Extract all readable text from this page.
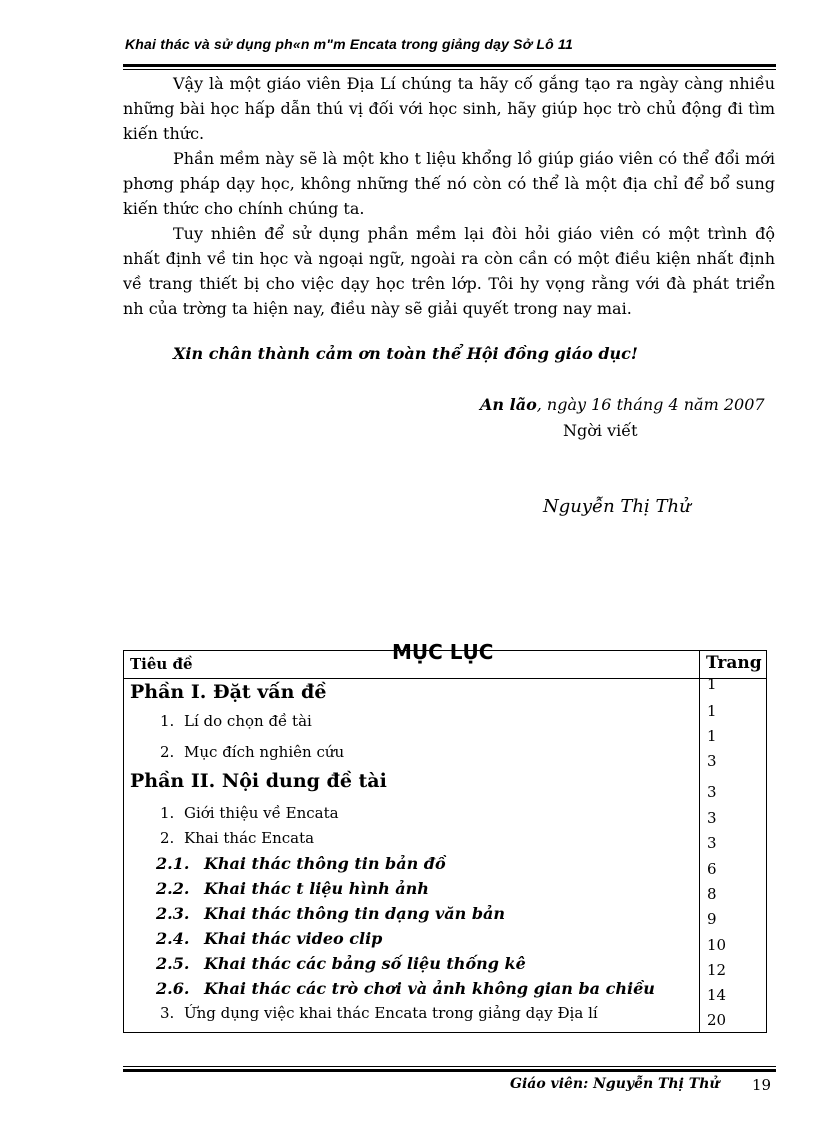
Khai thác và sử dụng ph«n m"m Encata trong giảng dạy Sở Lô 11

Vậy là một giáo viên Địa Lí chúng ta hãy cố gắng tạo ra ngày càng nhiều những bài học hấp dẫn thú vị đối với học sinh, hãy giúp học trò chủ động đi tìm kiến thức.

Phần mềm này sẽ là một kho t liệu khổng lồ giúp giáo viên có thể đổi mới phơng pháp dạy học, không những thế nó còn có thể là một địa chỉ để bổ sung kiến thức cho chính chúng ta.

Tuy nhiên để sử dụng phần mềm lại đòi hỏi giáo viên có một trình độ nhất định về tin học và ngoại ngữ, ngoài ra còn cần có một điều kiện nhất định về trang thiết bị cho việc dạy học trên lớp. Tôi hy vọng rằng với đà phát triển nh của trờng ta hiện nay, điều này sẽ giải quyết trong nay mai.

Xin chân thành cảm ơn toàn thể Hội đồng giáo dục!
An lão, ngày 16 tháng 4 năm 2007
Ngời viết
Nguyễn Thị Thử
MỤC LỤC
Tiêu đề	Trang
Phần I. Đặt vấn đề
1. Lí do chọn đề tài
2. Mục đích nghiên cứu
Phần II. Nội dung đề tài
1. Giới thiệu về Encata
2. Khai thác Encata
2.1. Khai thác thông tin bản đồ
2.2. Khai thác t liệu hình ảnh
2.3. Khai thác thông tin dạng văn bản
2.4. Khai thác video clip
2.5. Khai thác các bảng số liệu thống kê
2.6. Khai thác các trò chơi và ảnh không gian ba chiều
3. Ứng dụng việc khai thác Encata trong giảng dạy Địa lí
1
1
1
3
3
3
3
6
8
9
10
12
14
20
Giáo viên: Nguyễn Thị Thử 19
